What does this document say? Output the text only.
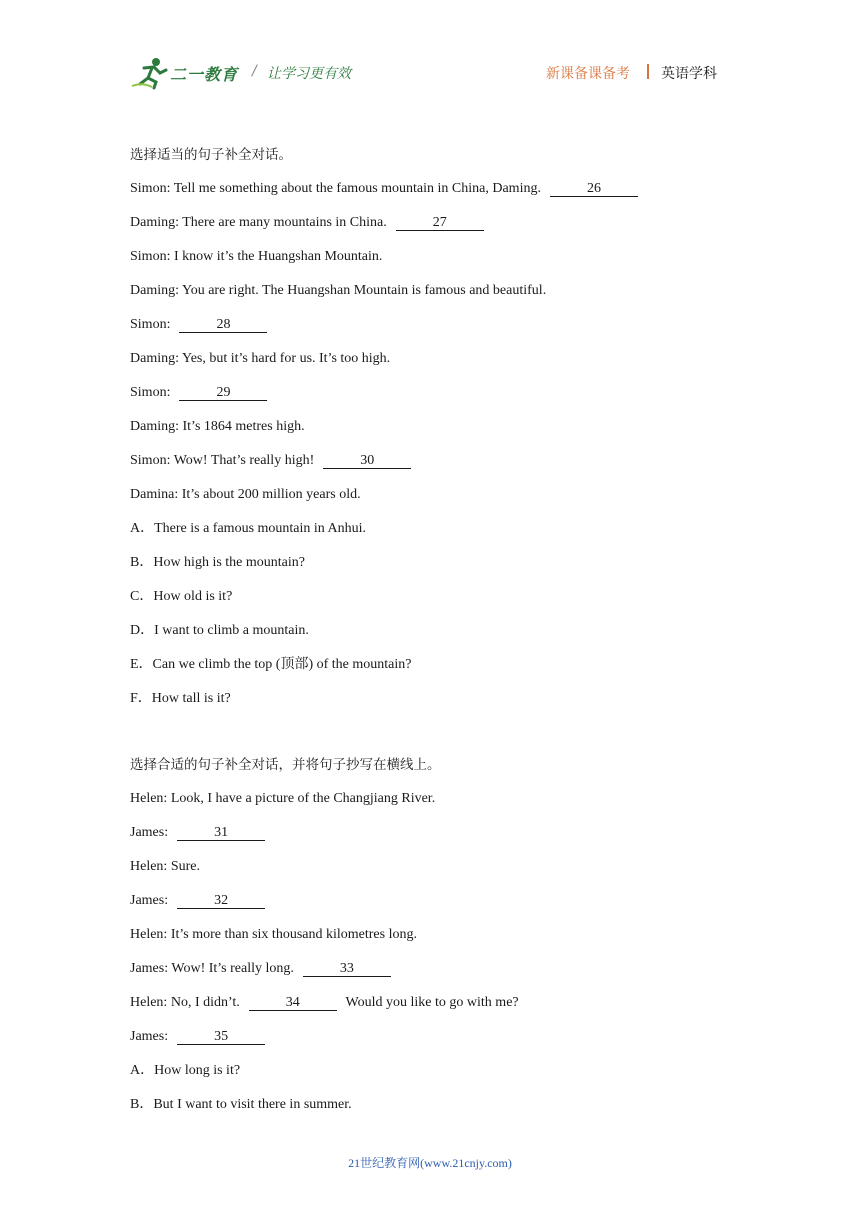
二一教育 / 让学习更有效	新课备课备考 英语学科
选择适当的句子补全对话。
Simon: Tell me something about the famous mountain in China, Daming.	26
Daming: There are many mountains in China.	27
Simon: I know it’s the Huangshan Mountain.
Daming: You are right. The Huangshan Mountain is famous and beautiful.
Simon:	28
Daming: Yes, but it’s hard for us. It’s too high.
Simon:	29
Daming: It’s 1864 metres high.
Simon: Wow! That’s really high!	30
Damina: It’s about 200 million years old.
A．There is a famous mountain in Anhui.
B．How high is the mountain?
C．How old is it?
D．I want to climb a mountain.
E．Can we climb the top (顶部) of the mountain?
F．How tall is it?
选择合适的句子补全对话，并将句子抄写在横线上。
Helen: Look, I have a picture of the Changjiang River.
James:	31
Helen: Sure.
James:	32
Helen: It’s more than six thousand kilometres long.
James: Wow! It’s really long.	33
Helen: No, I didn’t.	34	Would you like to go with me?
James:	35
A．How long is it?
B．But I want to visit there in summer.
21世纪教育网(www.21cnjy.com)
